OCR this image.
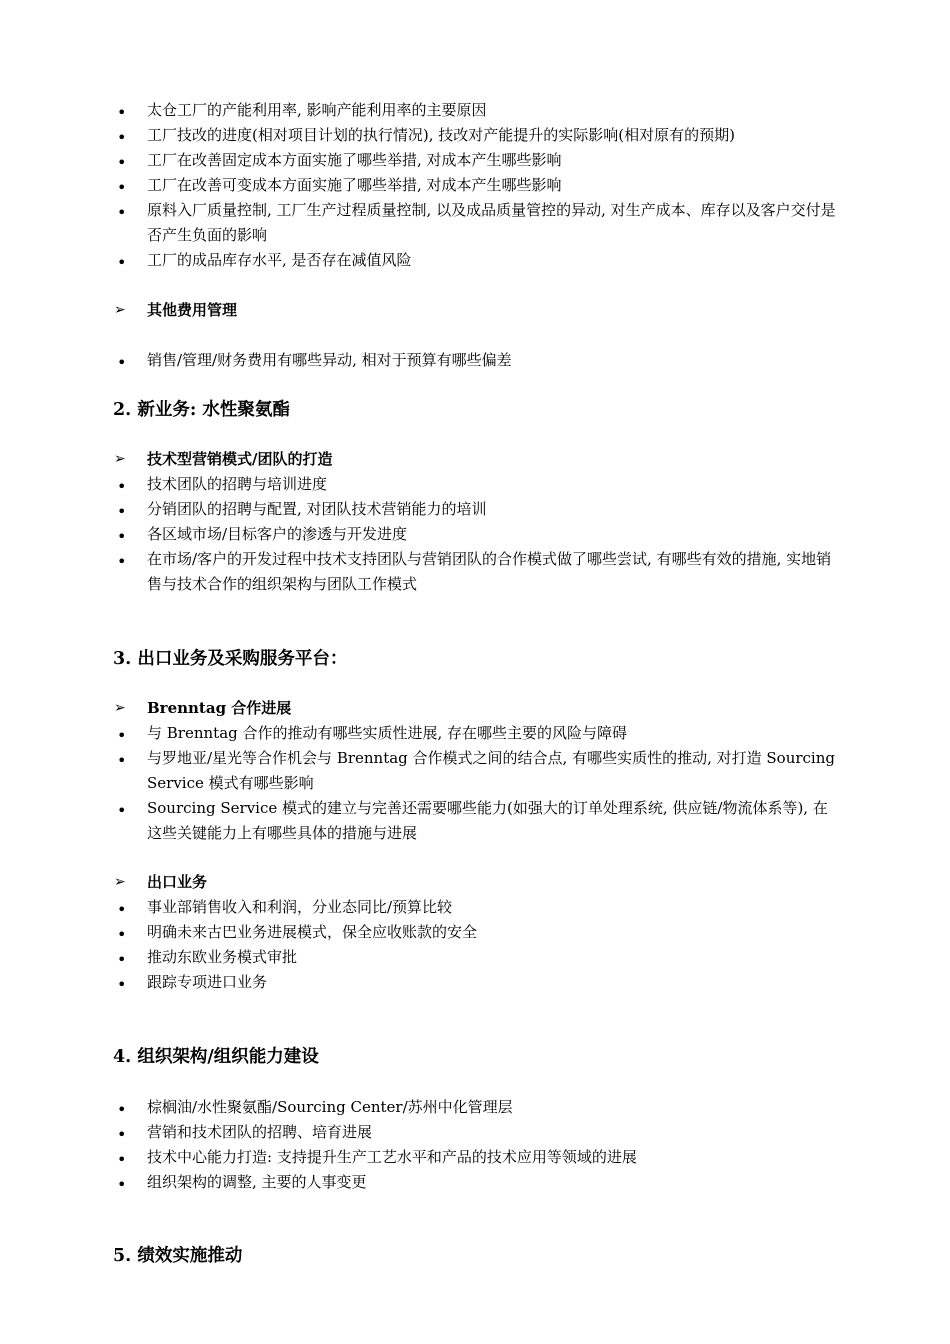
• 太仓工厂的产能利用率, 影响产能利用率的主要原因
• 工厂技改的进度(相对项目计划的执行情况), 技改对产能提升的实际影响(相对原有的预期)
• 工厂在改善固定成本方面实施了哪些举措, 对成本产生哪些影响
• 工厂在改善可变成本方面实施了哪些举措, 对成本产生哪些影响
• 原料入厂质量控制, 工厂生产过程质量控制, 以及成品质量管控的异动, 对生产成本、库存以及客户交付是否产生负面的影响
• 工厂的成品库存水平, 是否存在减值风险
➢ 其他费用管理
• 销售/管理/财务费用有哪些异动, 相对于预算有哪些偏差
2. 新业务: 水性聚氨酯
➢ 技术型营销模式/团队的打造
• 技术团队的招聘与培训进度
• 分销团队的招聘与配置, 对团队技术营销能力的培训
• 各区域市场/目标客户的渗透与开发进度
• 在市场/客户的开发过程中技术支持团队与营销团队的合作模式做了哪些尝试, 有哪些有效的措施, 实地销售与技术合作的组织架构与团队工作模式
3. 出口业务及采购服务平台：
➢ Brenntag 合作进展
• 与 Brenntag 合作的推动有哪些实质性进展, 存在哪些主要的风险与障碍
• 与罗地亚/星光等合作机会与 Brenntag 合作模式之间的结合点, 有哪些实质性的推动, 对打造 Sourcing Service 模式有哪些影响
• Sourcing Service 模式的建立与完善还需要哪些能力(如强大的订单处理系统, 供应链/物流体系等), 在这些关键能力上有哪些具体的措施与进展
➢ 出口业务
• 事业部销售收入和利润，分业态同比/预算比较
• 明确未来古巴业务进展模式，保全应收账款的安全
• 推动东欧业务模式审批
• 跟踪专项进口业务
4. 组织架构/组织能力建设
• 棕榈油/水性聚氨酯/Sourcing Center/苏州中化管理层
• 营销和技术团队的招聘、培育进展
• 技术中心能力打造: 支持提升生产工艺水平和产品的技术应用等领域的进展
• 组织架构的调整, 主要的人事变更
5. 绩效实施推动
